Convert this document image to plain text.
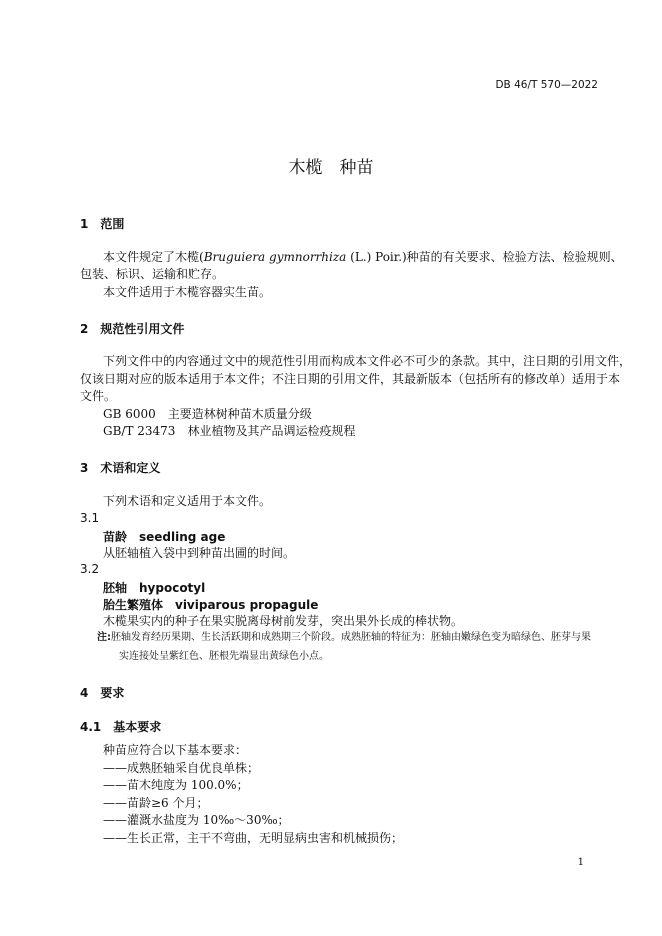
DB 46/T 570—2022
木榄　种苗
1　范围
本文件规定了木榄(Bruguiera gymnorrhiza (L.) Poir.)种苗的有关要求、检验方法、检验规则、
包装、标识、运输和贮存。
本文件适用于木榄容器实生苗。
2　规范性引用文件
下列文件中的内容通过文中的规范性引用而构成本文件必不可少的条款。其中，注日期的引用文件，
仅该日期对应的版本适用于本文件；不注日期的引用文件，其最新版本（包括所有的修改单）适用于本
文件。
GB 6000　主要造林树种苗木质量分级
GB/T 23473　林业植物及其产品调运检疫规程
3　术语和定义
下列术语和定义适用于本文件。
3.1
苗龄　seedling age
从胚轴植入袋中到种苗出圃的时间。
3.2
胚轴　hypocotyl
胎生繁殖体　viviparous propagule
木榄果实内的种子在果实脱离母树前发芽，突出果外长成的棒状物。
注:胚轴发育经历果期、生长活跃期和成熟期三个阶段。成熟胚轴的特征为：胚轴由嫩绿色变为暗绿色、胚芽与果
实连接处呈紫红色、胚根先端显出黄绿色小点。
4　要求
4.1　基本要求
种苗应符合以下基本要求：
——成熟胚轴采自优良单株；
——苗木纯度为 100.0%；
——苗龄≥6 个月；
——灌溉水盐度为 10‰～30‰；
——生长正常，主干不弯曲，无明显病虫害和机械损伤；
1
